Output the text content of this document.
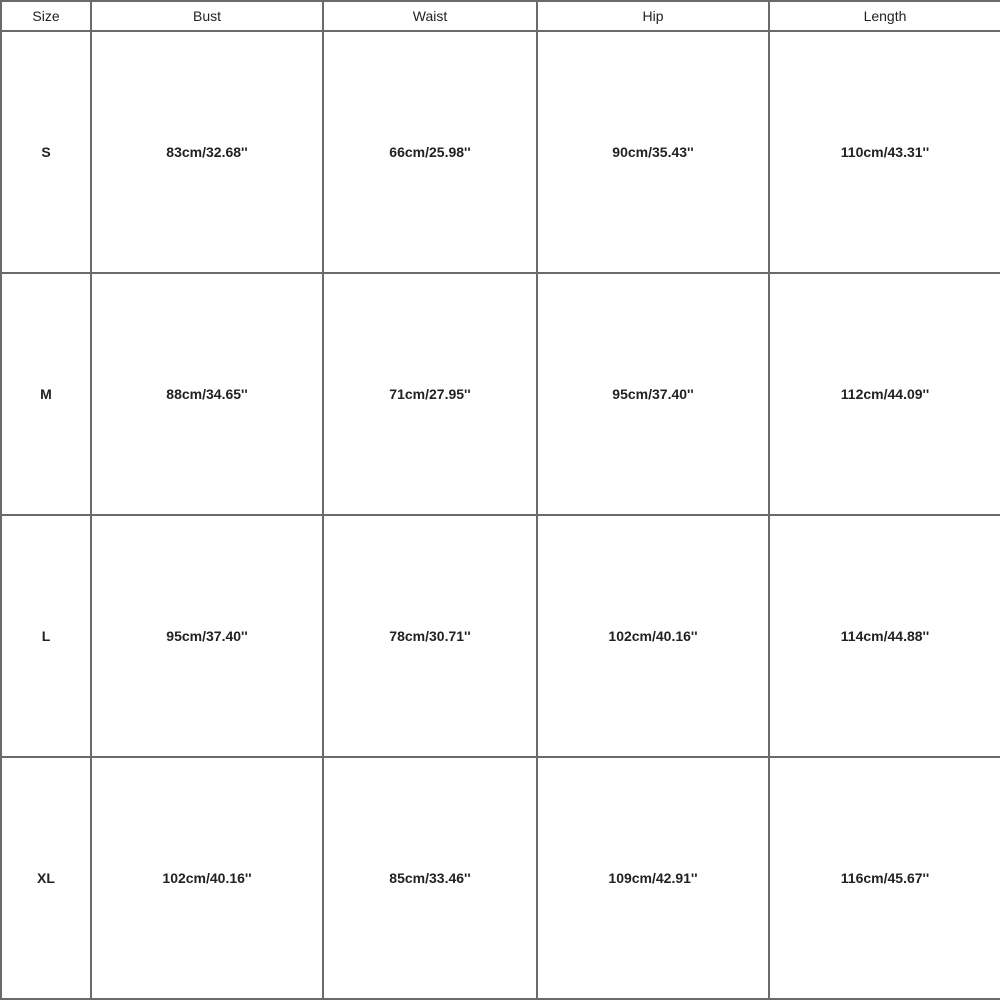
Size	Bust	Waist	Hip	Length
S	83cm/32.68''	66cm/25.98''	90cm/35.43''	110cm/43.31''
M	88cm/34.65''	71cm/27.95''	95cm/37.40''	112cm/44.09''
L	95cm/37.40''	78cm/30.71''	102cm/40.16''	114cm/44.88''
XL	102cm/40.16''	85cm/33.46''	109cm/42.91''	116cm/45.67''
